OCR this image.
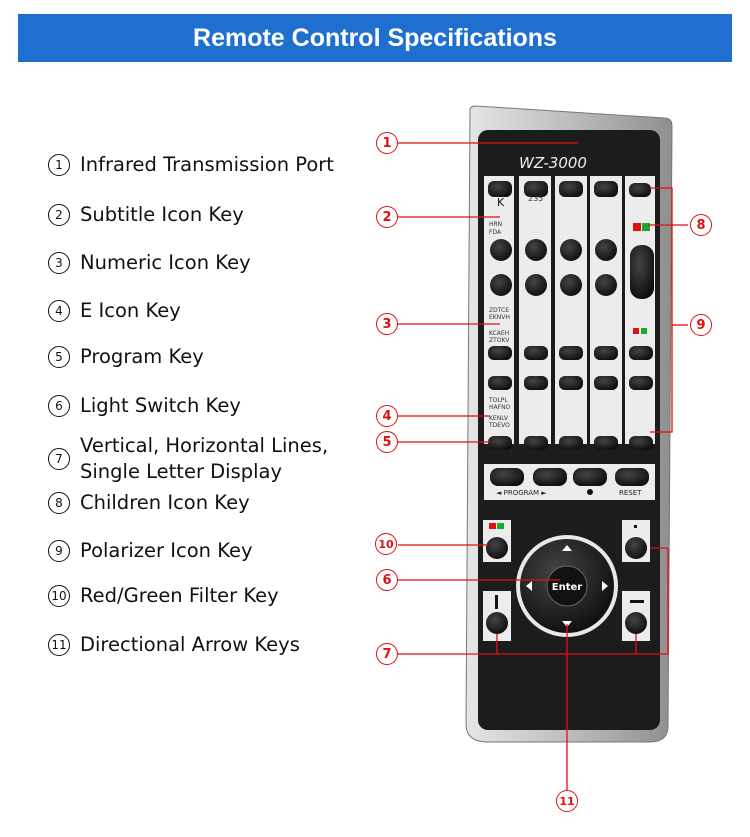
Remote Control Specifications
1 Infrared Transmission Port
2 Subtitle Icon Key
3 Numeric Icon Key
4 E Icon Key
5 Program Key
6 Light Switch Key
7
Vertical, Horizontal Lines,
Single Letter Display
8 Children Icon Key
9 Polarizer Icon Key
10 Red/Green Filter Key
11 Directional Arrow Keys
WZ-3000
HRN
FDA
ZDTCE
EKNVH
KCAEH
ZTOKV
TOLPL
HAFNO
KENLV
TDEVO
235
K
◄ PROGRAM ►	RESET
Enter
1
2
3
4
5
6
7
8
9
10
11
